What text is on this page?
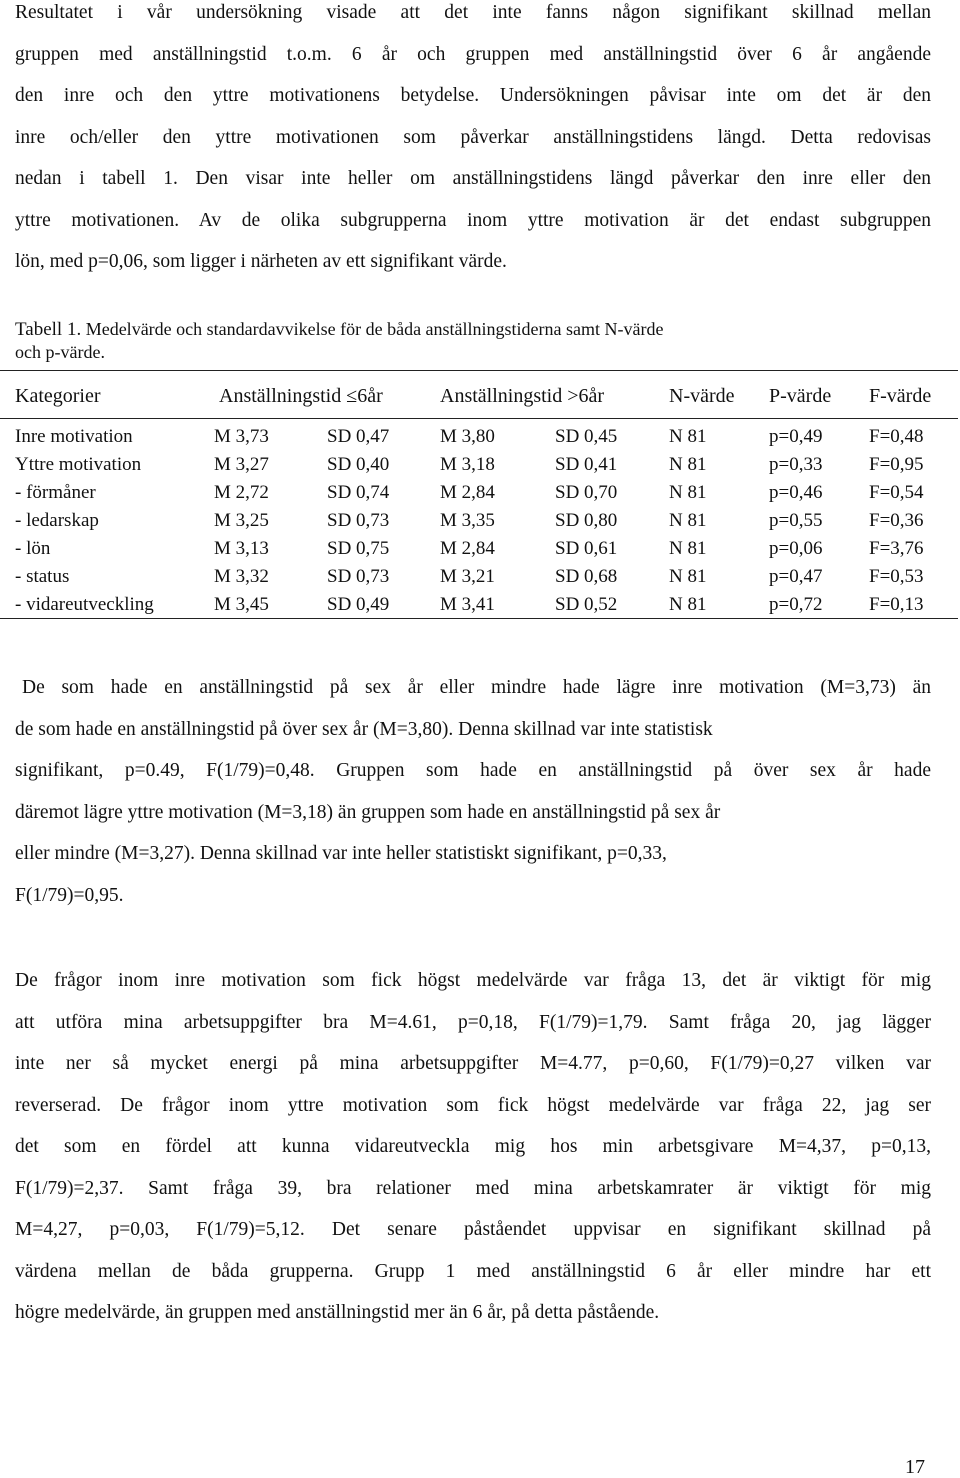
Resultatet i vår undersökning visade att det inte fanns någon signifikant skillnad mellan
gruppen med anställningstid t.o.m. 6 år och gruppen med anställningstid över 6 år angående
den inre och den yttre motivationens betydelse. Undersökningen påvisar inte om det är den
inre och/eller den yttre motivationen som påverkar anställningstidens längd. Detta redovisas
nedan i tabell 1. Den visar inte heller om anställningstidens längd påverkar den inre eller den
yttre motivationen. Av de olika subgrupperna inom yttre motivation är det endast subgruppen
lön, med p=0,06, som ligger i närheten av ett signifikant värde.
Tabell 1. Medelvärde och standardavvikelse för de båda anställningstiderna samt N-värde
och p-värde.
Kategorier	Anställningstid ≤6år	Anställningstid >6år	N-värde P-värde F-värde
Inre motivation	M 3,73	SD 0,47	M 3,80	SD 0,45	N 81	p=0,49 F=0,48
Yttre motivation	M 3,27	SD 0,40	M 3,18	SD 0,41	N 81	p=0,33 F=0,95
- förmåner	M 2,72	SD 0,74	M 2,84	SD 0,70	N 81	p=0,46 F=0,54
- ledarskap	M 3,25	SD 0,73	M 3,35	SD 0,80	N 81	p=0,55 F=0,36
- lön	M 3,13	SD 0,75	M 2,84	SD 0,61	N 81	p=0,06 F=3,76
- status	M 3,32	SD 0,73	M 3,21	SD 0,68	N 81	p=0,47 F=0,53
- vidareutveckling	M 3,45	SD 0,49	M 3,41	SD 0,52	N 81	p=0,72 F=0,13
De som hade en anställningstid på sex år eller mindre hade lägre inre motivation (M=3,73) än
de som hade en anställningstid på över sex år (M=3,80). Denna skillnad var inte statistisk
signifikant, p=0.49, F(1/79)=0,48. Gruppen som hade en anställningstid på över sex år hade
däremot lägre yttre motivation (M=3,18) än gruppen som hade en anställningstid på sex år
eller mindre (M=3,27). Denna skillnad var inte heller statistiskt signifikant, p=0,33,
F(1/79)=0,95.
De frågor inom inre motivation som fick högst medelvärde var fråga 13, det är viktigt för mig
att utföra mina arbetsuppgifter bra M=4.61, p=0,18, F(1/79)=1,79. Samt fråga 20, jag lägger
inte ner så mycket energi på mina arbetsuppgifter M=4.77, p=0,60, F(1/79)=0,27 vilken var
reverserad. De frågor inom yttre motivation som fick högst medelvärde var fråga 22, jag ser
det som en fördel att kunna vidareutveckla mig hos min arbetsgivare M=4,37, p=0,13,
F(1/79)=2,37. Samt fråga 39, bra relationer med mina arbetskamrater är viktigt för mig
M=4,27, p=0,03, F(1/79)=5,12. Det senare påståendet uppvisar en signifikant skillnad på
värdena mellan de båda grupperna. Grupp 1 med anställningstid 6 år eller mindre har ett
högre medelvärde, än gruppen med anställningstid mer än 6 år, på detta påstående.
17
